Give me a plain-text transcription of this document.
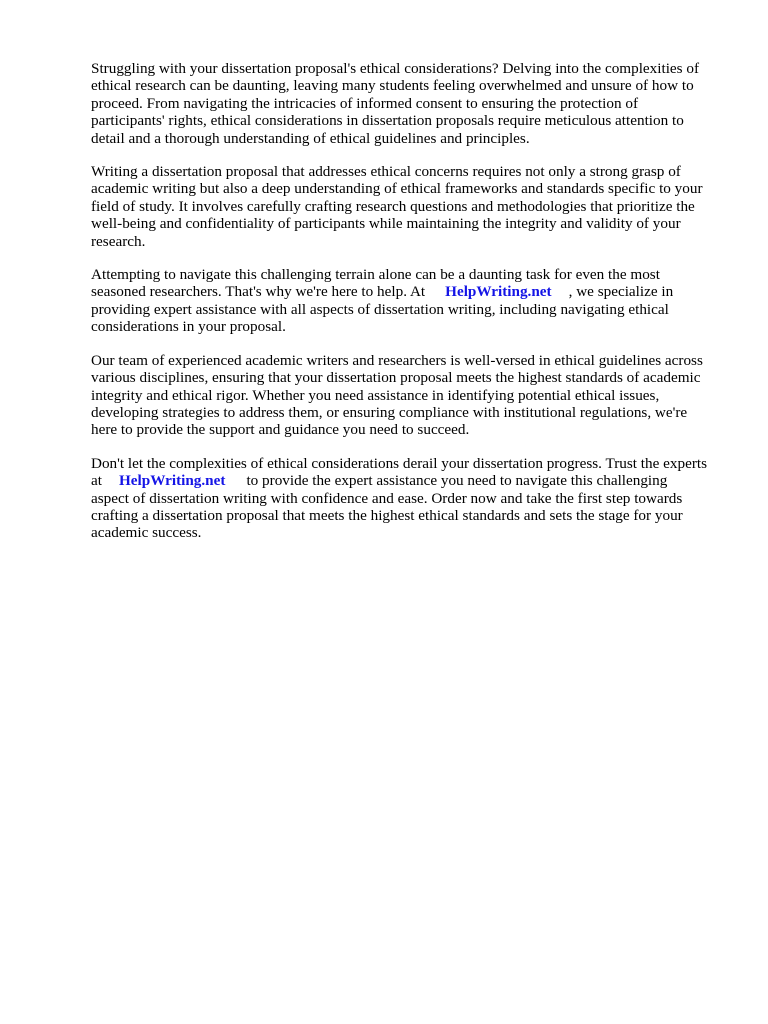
Struggling with your dissertation proposal's ethical considerations? Delving into the complexities of
ethical research can be daunting, leaving many students feeling overwhelmed and unsure of how to
proceed. From navigating the intricacies of informed consent to ensuring the protection of
participants' rights, ethical considerations in dissertation proposals require meticulous attention to
detail and a thorough understanding of ethical guidelines and principles.

Writing a dissertation proposal that addresses ethical concerns requires not only a strong grasp of
academic writing but also a deep understanding of ethical frameworks and standards specific to your
field of study. It involves carefully crafting research questions and methodologies that prioritize the
well-being and confidentiality of participants while maintaining the integrity and validity of your
research.

Attempting to navigate this challenging terrain alone can be a daunting task for even the most
seasoned researchers. That's why we're here to help. At HelpWriting.net , we specialize in
providing expert assistance with all aspects of dissertation writing, including navigating ethical
considerations in your proposal.

Our team of experienced academic writers and researchers is well-versed in ethical guidelines across
various disciplines, ensuring that your dissertation proposal meets the highest standards of academic
integrity and ethical rigor. Whether you need assistance in identifying potential ethical issues,
developing strategies to address them, or ensuring compliance with institutional regulations, we're
here to provide the support and guidance you need to succeed.

Don't let the complexities of ethical considerations derail your dissertation progress. Trust the experts
at HelpWriting.net to provide the expert assistance you need to navigate this challenging
aspect of dissertation writing with confidence and ease. Order now and take the first step towards
crafting a dissertation proposal that meets the highest ethical standards and sets the stage for your
academic success.
